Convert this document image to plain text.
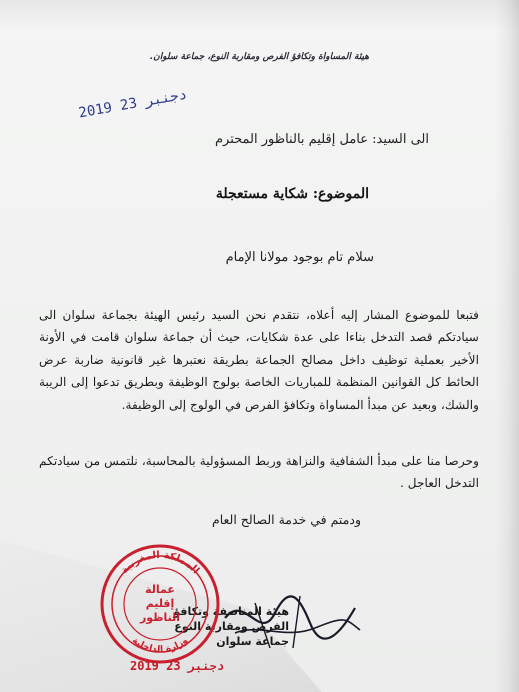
هيئة المساواة وتكافؤ الفرص ومقاربة النوع، جماعة سلوان.
2019 دجنبر 23
الى السيد: عامل إقليم بالناظور المحترم
الموضوع: شكاية مستعجلة
سلام تام بوجود مولانا الإمام
فتبعا للموضوع المشار إليه أعلاه، نتقدم نحن السيد رئيس الهيئة بجماعة سلوان الى سيادتكم قصد التدخل بناءا على عدة شكايات، حيث أن جماعة سلوان قامت في الأونة الأخير بعملية توظيف داخل مصالح الجماعة بطريقة نعتبرها غير قانونية ضاربة عرض الحائط كل القوانين المنظمة للمباريات الخاصة بولوج الوظيفة وبطريق تدعوا إلى الريبة والشك، وبعيد عن مبدأ المساواة وتكافؤ الفرص في الولوج إلى الوظيفة.
وحرصا منا على مبدأ الشفافية والنزاهة وربط المسؤولية بالمحاسبة، نلتمس من سيادتكم التدخل العاجل .
ودمتم في خدمة الصالح العام
هيئة المناصفة وتكافؤ
الفرص ومقاربة النوع
جماعة سلوان
المملكة المغربية
عمالة
إقليم
الناظور
وزارة الداخلية
2019 دجنبر 23
